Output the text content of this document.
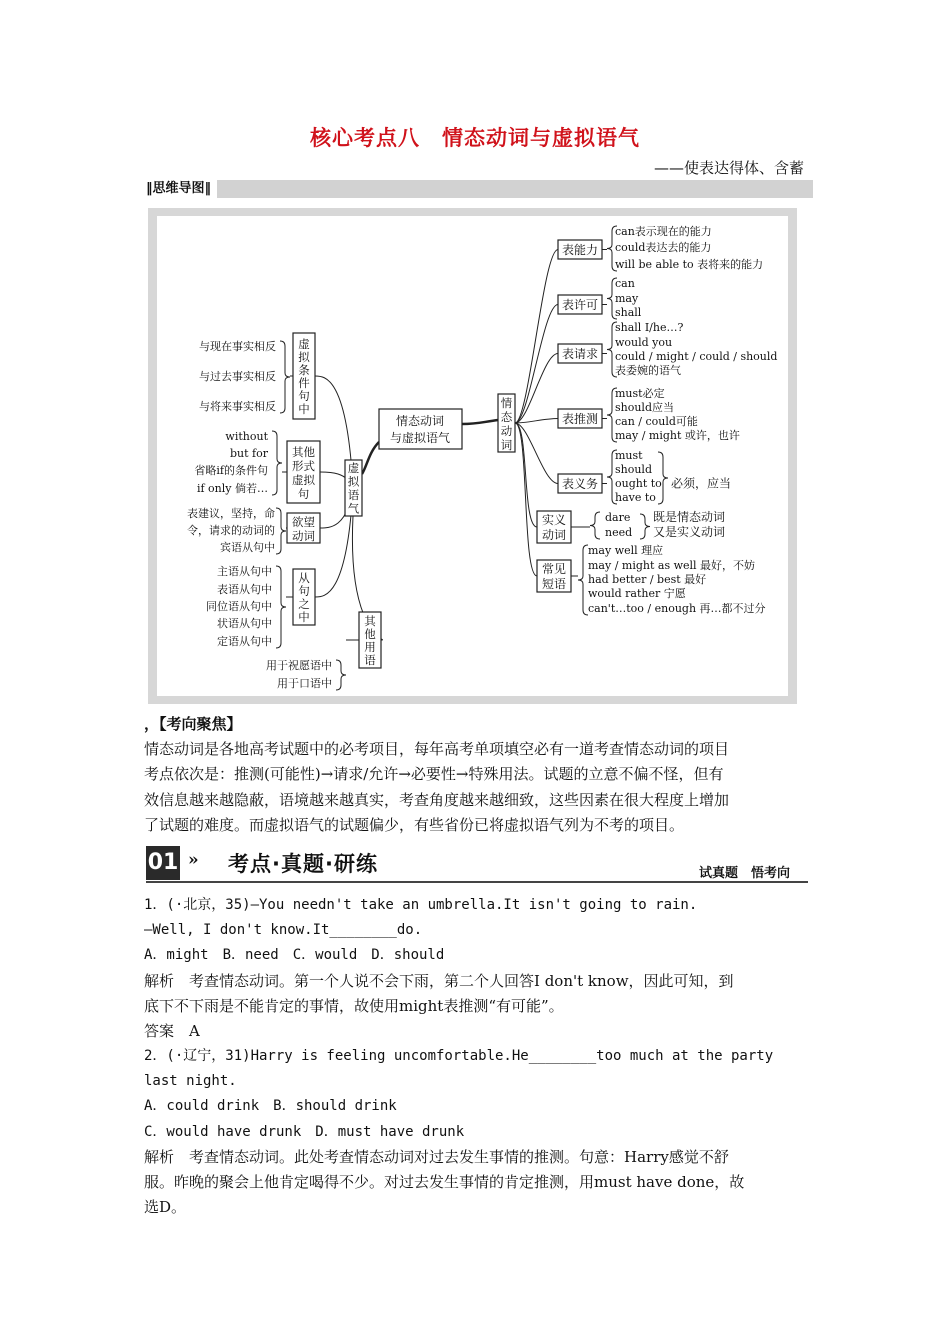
核心考点八　情态动词与虚拟语气
——使表达得体、含蓄
‖思维导图‖
情态动词
与虚拟语气
情
态
动
词
虚
拟
语
气
表能力
can表示现在的能力
could表达去的能力
will be able to 表将来的能力
表许可
can
may
shall
表请求
shall I/he…?
would you
could / might / could / should
表委婉的语气
表推测
must必定
should应当
can / could可能
may / might 或许，也许
表义务
must
should
ought to
have to
必须，应当
实义
动词
dare
need
既是情态动词
又是实义动词
常见
短语
may well 理应
may / might as well 最好，不妨
had better / best 最好
would rather 宁愿
can't…too / enough 再…都不过分
虚
拟
条
件
句
中
与现在事实相反
与过去事实相反
与将来事实相反
其他
形式
虚拟
句
without
but for
省略if的条件句
if only 倘若…
欲望
动词
表建议，坚持，命
令，请求的动词的
宾语从句中
从
句
之
中
主语从句中
表语从句中
同位语从句中
状语从句中
定语从句中
其
他
用
语
用于祝愿语中
用于口语中
，【考向聚焦】
情态动词是各地高考试题中的必考项目，每年高考单项填空必有一道考查情态动词的项目
考点依次是：推测(可能性)→请求/允许→必要性→特殊用法。试题的立意不偏不怪，但有
效信息越来越隐蔽，语境越来越真实，考查角度越来越细致，这些因素在很大程度上增加
了试题的难度。而虚拟语气的试题偏少，有些省份已将虚拟语气列为不考的项目。
01 » 考点·真题·研练	试真题　悟考向
1．(·北京，35)—You needn't take an umbrella.It isn't going to rain.
—Well, I don't know.It________do.
A．might　B．need　C．would　D．should
解析　考查情态动词。第一个人说不会下雨，第二个人回答I don't know，因此可知，到
底下不下雨是不能肯定的事情，故使用might表推测“有可能”。
答案　A
2．(·辽宁，31)Harry is feeling uncomfortable.He________too much at the party
last night.
A．could drink　B．should drink
C．would have drunk　D．must have drunk
解析　考查情态动词。此处考查情态动词对过去发生事情的推测。句意：Harry感觉不舒
服。昨晚的聚会上他肯定喝得不少。对过去发生事情的肯定推测，用must have done，故
选D。
